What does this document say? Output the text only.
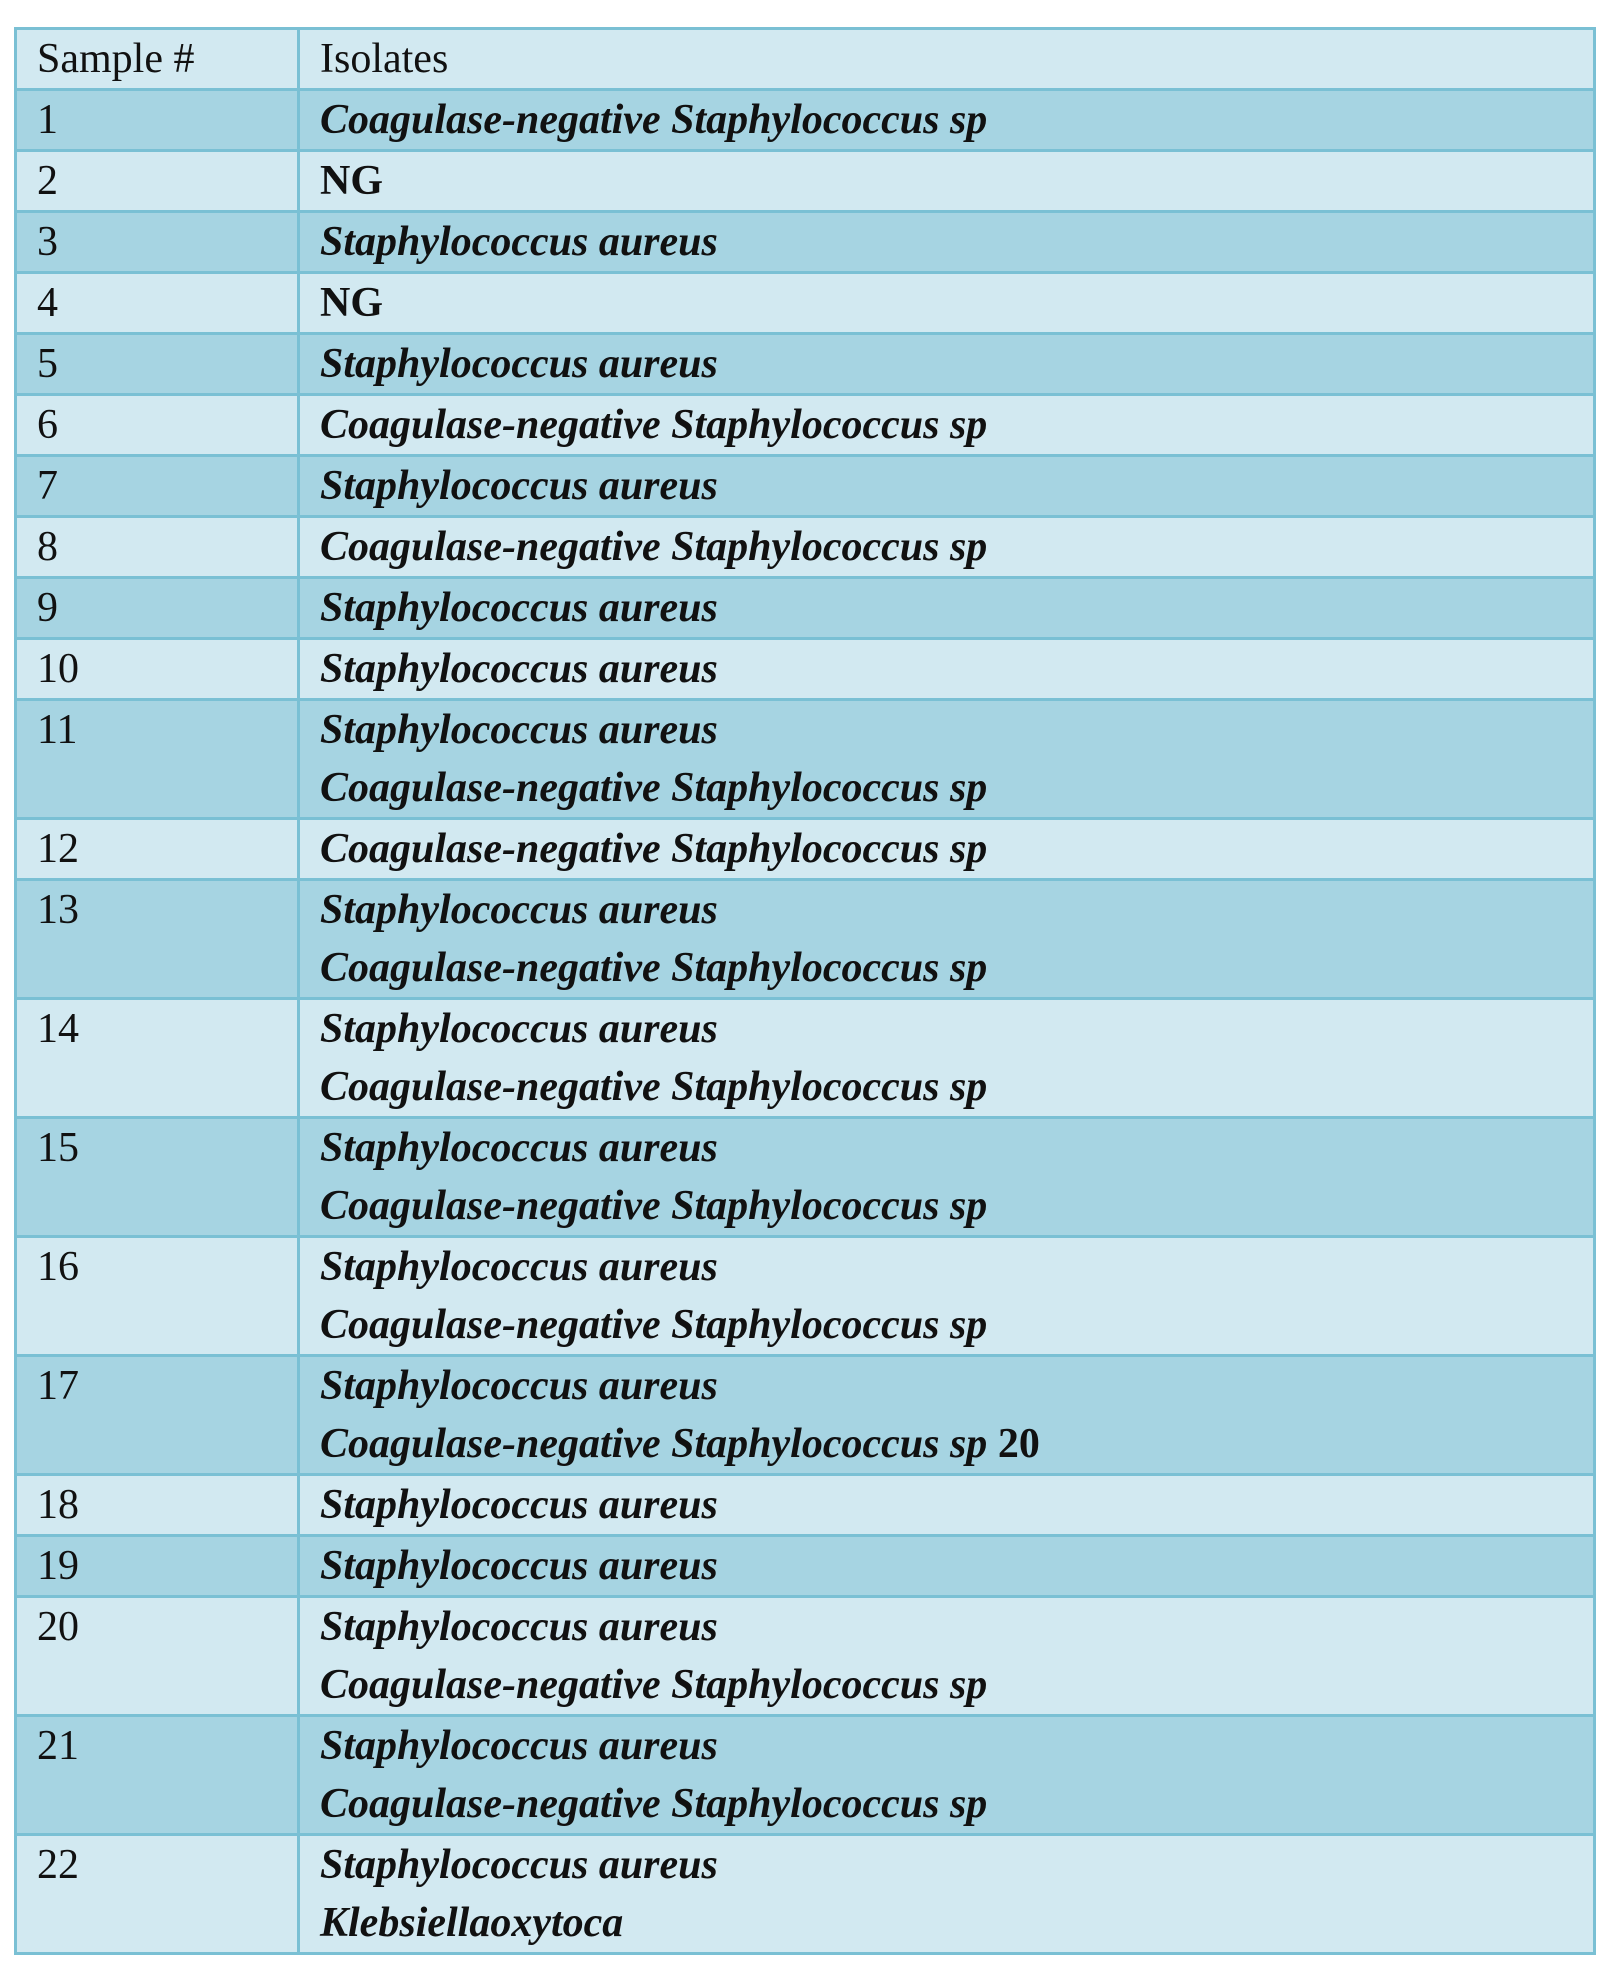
Sample #	Isolates
1	Coagulase-negative Staphylococcus sp

2	NG

3	Staphylococcus aureus

4	NG

5	Staphylococcus aureus

6	Coagulase-negative Staphylococcus sp

7	Staphylococcus aureus

8	Coagulase-negative Staphylococcus sp

9	Staphylococcus aureus

10	Staphylococcus aureus

11	Staphylococcus aureus
Coagulase-negative Staphylococcus sp

12	Coagulase-negative Staphylococcus sp

13	Staphylococcus aureus
Coagulase-negative Staphylococcus sp

14	Staphylococcus aureus
Coagulase-negative Staphylococcus sp

15	Staphylococcus aureus
Coagulase-negative Staphylococcus sp

16	Staphylococcus aureus
Coagulase-negative Staphylococcus sp

17	Staphylococcus aureus
Coagulase-negative Staphylococcus sp 20

18	Staphylococcus aureus

19	Staphylococcus aureus

20	Staphylococcus aureus
Coagulase-negative Staphylococcus sp

21	Staphylococcus aureus
Coagulase-negative Staphylococcus sp

22	Staphylococcus aureus
Klebsiellaoxytoca
